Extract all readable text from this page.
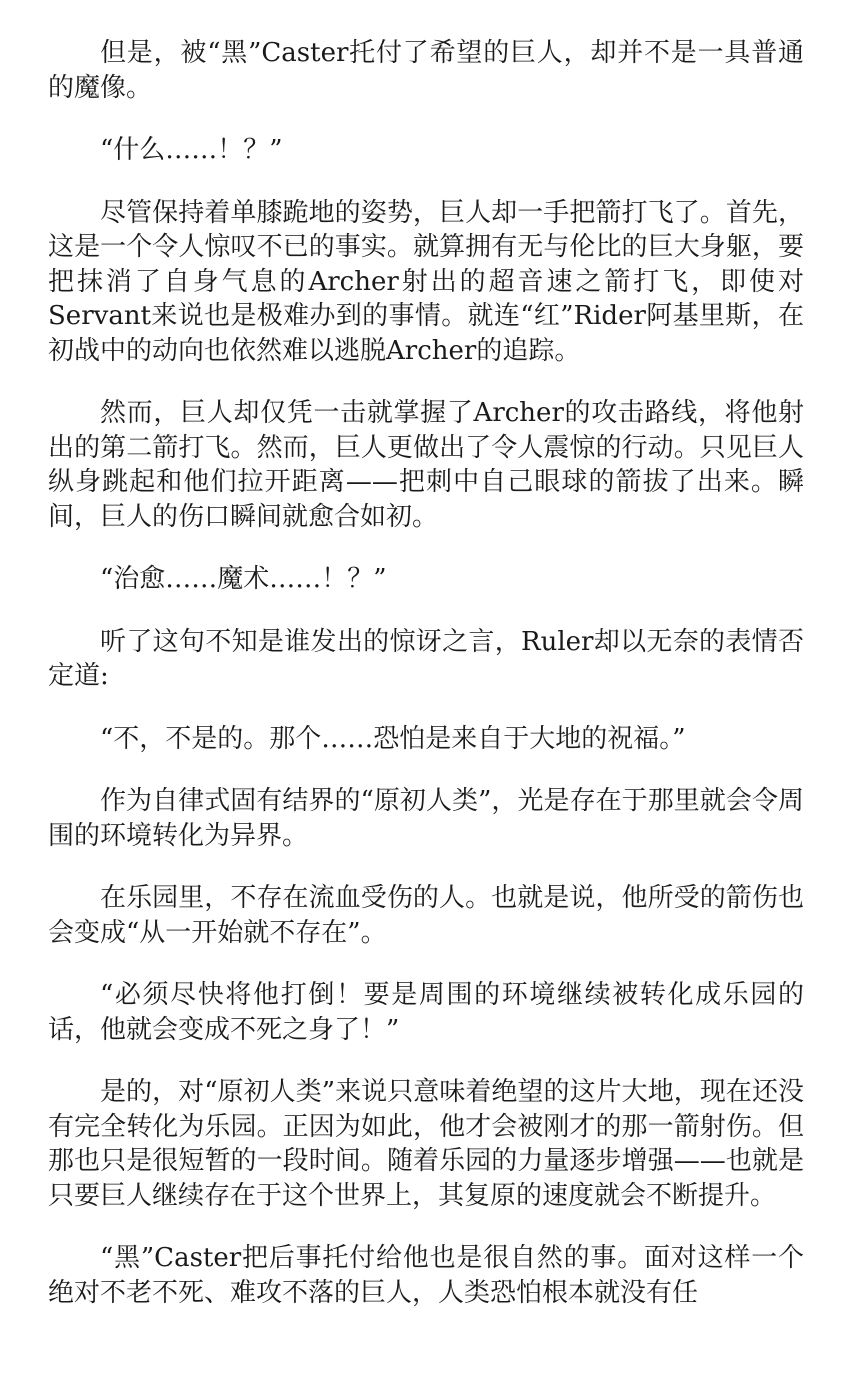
但是，被“黑”Caster托付了希望的巨人，却并不是一具普通的魔像。

“什么……！？”

尽管保持着单膝跪地的姿势，巨人却一手把箭打飞了。首先，这是一个令人惊叹不已的事实。就算拥有无与伦比的巨大身躯，要把抹消了自身气息的Archer射出的超音速之箭打飞，即使对Servant来说也是极难办到的事情。就连“红”Rider阿基里斯，在初战中的动向也依然难以逃脱Archer的追踪。

然而，巨人却仅凭一击就掌握了Archer的攻击路线，将他射出的第二箭打飞。然而，巨人更做出了令人震惊的行动。只见巨人纵身跳起和他们拉开距离——把刺中自己眼球的箭拔了出来。瞬间，巨人的伤口瞬间就愈合如初。

“治愈……魔术……！？”

听了这句不知是谁发出的惊讶之言，Ruler却以无奈的表情否定道:

“不，不是的。那个……恐怕是来自于大地的祝福。”

作为自律式固有结界的“原初人类”，光是存在于那里就会令周围的环境转化为异界。

在乐园里，不存在流血受伤的人。也就是说，他所受的箭伤也会变成“从一开始就不存在”。

“必须尽快将他打倒！要是周围的环境继续被转化成乐园的话，他就会变成不死之身了！”

是的，对“原初人类”来说只意味着绝望的这片大地，现在还没有完全转化为乐园。正因为如此，他才会被刚才的那一箭射伤。但那也只是很短暂的一段时间。随着乐园的力量逐步增强——也就是只要巨人继续存在于这个世界上，其复原的速度就会不断提升。

“黑”Caster把后事托付给他也是很自然的事。面对这样一个绝对不老不死、难攻不落的巨人，人类恐怕根本就没有任
